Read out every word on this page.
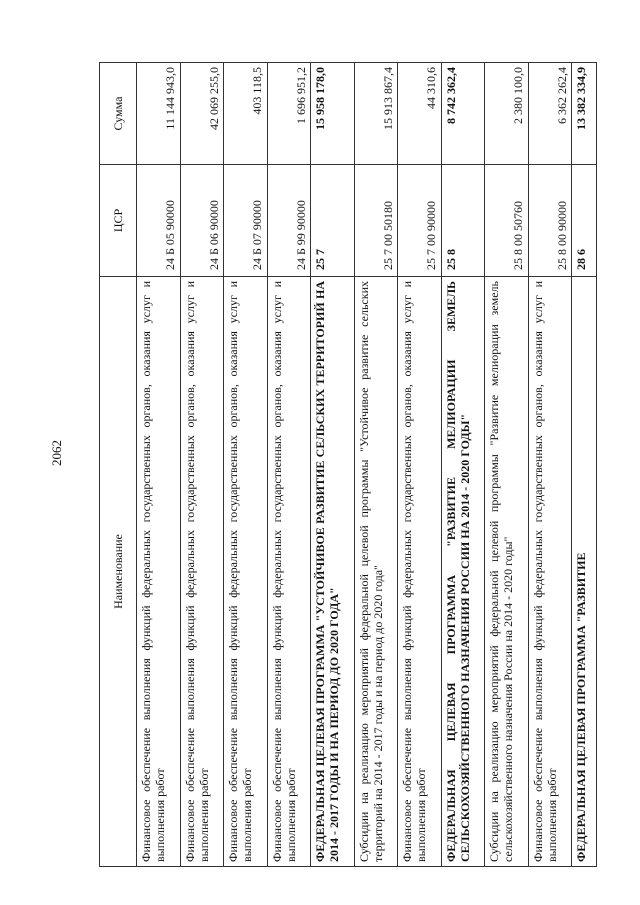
2062
Наименование	ЦСР	Сумма
Финансовое обеспечение выполнения функций федеральных государственных органов, оказания услуг и выполнения работ	24 Б 05 90000	11 144 943,0
Финансовое обеспечение выполнения функций федеральных государственных органов, оказания услуг и выполнения работ	24 Б 06 90000	42 069 255,0
Финансовое обеспечение выполнения функций федеральных государственных органов, оказания услуг и выполнения работ	24 Б 07 90000	403 118,5
Финансовое обеспечение выполнения функций федеральных государственных органов, оказания услуг и выполнения работ	24 Б 99 90000	1 696 951,2
ФЕДЕРАЛЬНАЯ ЦЕЛЕВАЯ ПРОГРАММА "УСТОЙЧИВОЕ РАЗВИТИЕ СЕЛЬСКИХ ТЕРРИТОРИЙ НА 2014 - 2017 ГОДЫ И НА ПЕРИОД ДО 2020 ГОДА"	25 7	15 958 178,0
Субсидии на реализацию мероприятий федеральной целевой программы "Устойчивое развитие сельских территорий на 2014 - 2017 годы и на период до 2020 года"	25 7 00 50180	15 913 867,4
Финансовое обеспечение выполнения функций федеральных государственных органов, оказания услуг и выполнения работ	25 7 00 90000	44 310,6
ФЕДЕРАЛЬНАЯ ЦЕЛЕВАЯ ПРОГРАММА "РАЗВИТИЕ МЕЛИОРАЦИИ ЗЕМЕЛЬ СЕЛЬСКОХОЗЯЙСТВЕННОГО НАЗНАЧЕНИЯ РОССИИ НА 2014 - 2020 ГОДЫ"	25 8	8 742 362,4
Субсидии на реализацию мероприятий федеральной целевой программы "Развитие мелиорации земель сельскохозяйственного назначения России на 2014 - 2020 годы"	25 8 00 50760	2 380 100,0
Финансовое обеспечение выполнения функций федеральных государственных органов, оказания услуг и выполнения работ	25 8 00 90000	6 362 262,4
ФЕДЕРАЛЬНАЯ ЦЕЛЕВАЯ ПРОГРАММА "РАЗВИТИЕ	28 6	13 382 334,9
